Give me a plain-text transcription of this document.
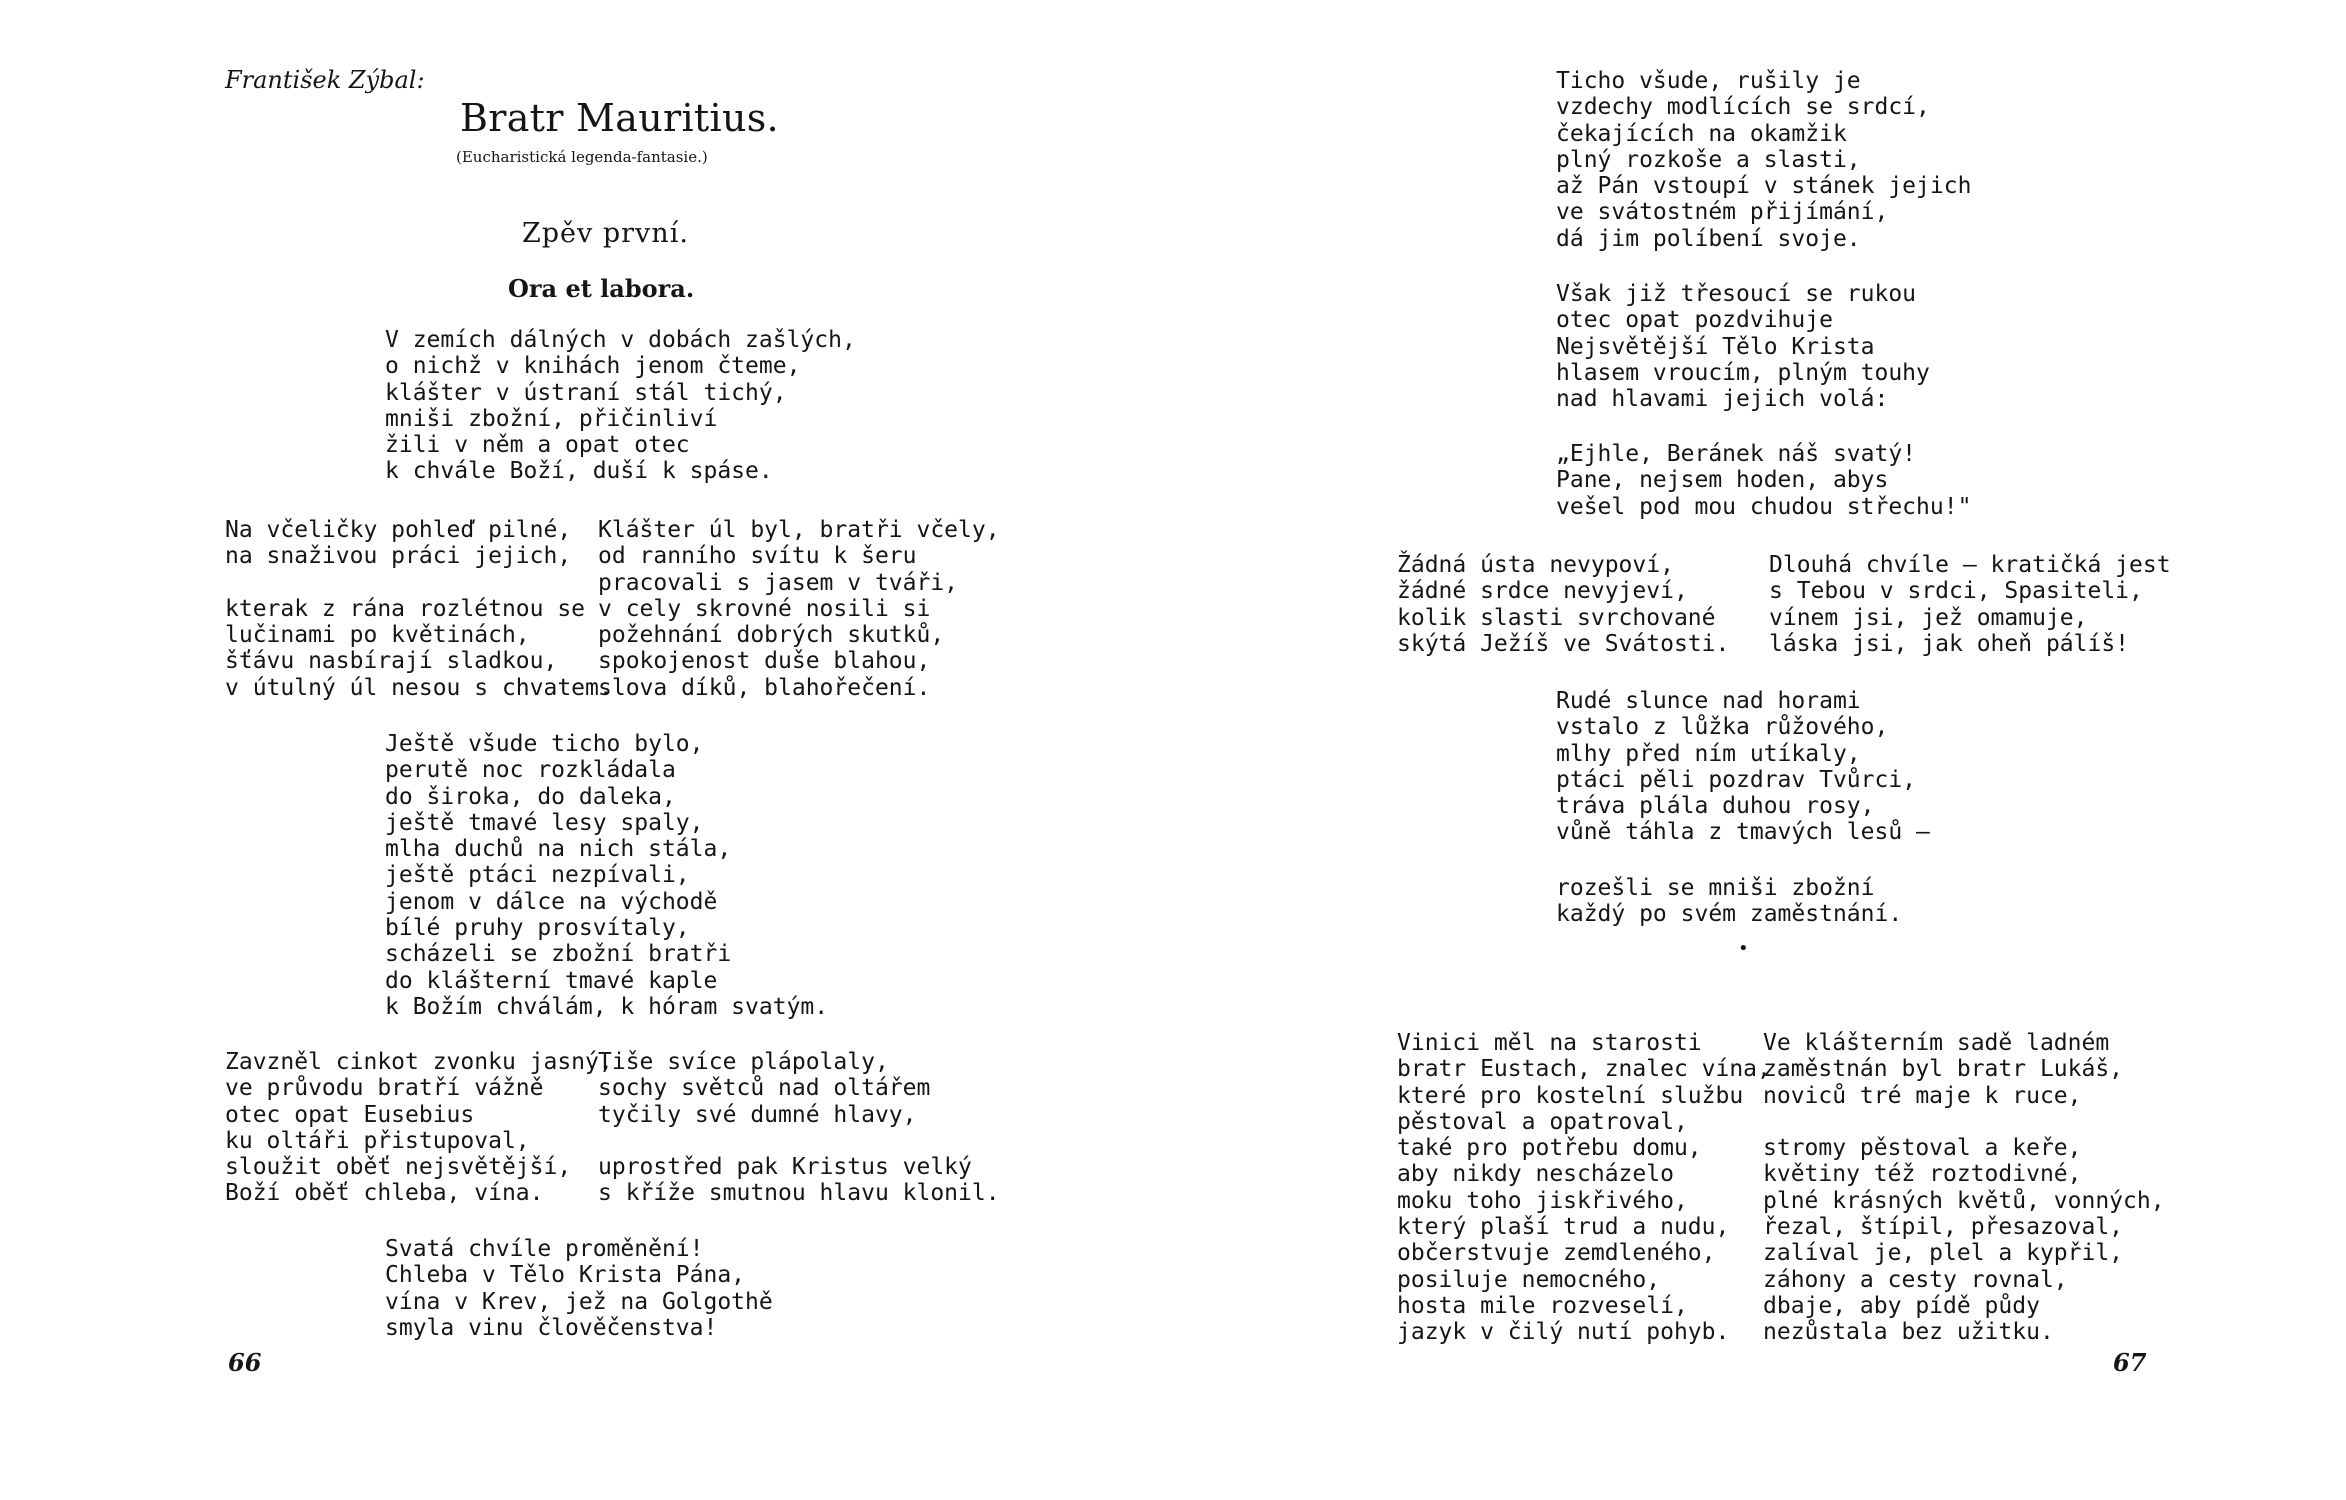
František Zýbal:
Bratr Mauritius.
(Eucharistická legenda-fantasie.)
Zpěv první.
Ora et labora.
V zemích dálných v dobách zašlých,
o nichž v knihách jenom čteme,
klášter v ústraní stál tichý,
mniši zbožní, přičinliví
žili v něm a opat otec
k chvále Boží, duší k spáse.
Na včeličky pohleď pilné,
na snaživou práci jejich,

kterak z rána rozlétnou se
lučinami po květinách,
šťávu nasbírají sladkou,
v útulný úl nesou s chvatem.
Klášter úl byl, bratři včely,
od ranního svítu k šeru
pracovali s jasem v tváři,
v cely skrovné nosili si
požehnání dobrých skutků,
spokojenost duše blahou,
slova díků, blahořečení.
Ještě všude ticho bylo,
perutě noc rozkládala
do široka, do daleka,
ještě tmavé lesy spaly,
mlha duchů na nich stála,
ještě ptáci nezpívali,
jenom v dálce na východě
bílé pruhy prosvítaly,
scházeli se zbožní bratři
do klášterní tmavé kaple
k Božím chválám, k hóram svatým.
Zavzněl cinkot zvonku jasný,
ve průvodu bratří vážně
otec opat Eusebius
ku oltáři přistupoval,
sloužit oběť nejsvětější,
Boží oběť chleba, vína.
Tiše svíce plápolaly,
sochy světců nad oltářem
tyčily své dumné hlavy,

uprostřed pak Kristus velký
s kříže smutnou hlavu klonil.
Svatá chvíle proměnění!
Chleba v Tělo Krista Pána,
vína v Krev, jež na Golgothě
smyla vinu člověčenstva!
66
Ticho všude, rušily je
vzdechy modlících se srdcí,
čekajících na okamžik
plný rozkoše a slasti,
až Pán vstoupí v stánek jejich
ve svátostném přijímání,
dá jim políbení svoje.
Však již třesoucí se rukou
otec opat pozdvihuje
Nejsvětější Tělo Krista
hlasem vroucím, plným touhy
nad hlavami jejich volá:
„Ejhle, Beránek náš svatý!
Pane, nejsem hoden, abys
vešel pod mou chudou střechu!"
Žádná ústa nevypoví,
žádné srdce nevyjeví,
kolik slasti svrchované
skýtá Ježíš ve Svátosti.
Dlouhá chvíle — kratičká jest
s Tebou v srdci, Spasiteli,
vínem jsi, jež omamuje,
láska jsi, jak oheň pálíš!
Rudé slunce nad horami
vstalo z lůžka růžového,
mlhy před ním utíkaly,
ptáci pěli pozdrav Tvůrci,
tráva plála duhou rosy,
vůně táhla z tmavých lesů —
rozešli se mniši zbožní
každý po svém zaměstnání.
•
Vinici měl na starosti
bratr Eustach, znalec vína,
které pro kostelní službu
pěstoval a opatroval,
také pro potřebu domu,
aby nikdy nescházelo
moku toho jiskřivého,
který plaší trud a nudu,
občerstvuje zemdleného,
posiluje nemocného,
hosta mile rozveselí,
jazyk v čilý nutí pohyb.
Ve klášterním sadě ladném
zaměstnán byl bratr Lukáš,
noviců tré maje k ruce,

stromy pěstoval a keře,
květiny též roztodivné,
plné krásných květů, vonných,
řezal, štípil, přesazoval,
zalíval je, plel a kypřil,
záhony a cesty rovnal,
dbaje, aby pídě půdy
nezůstala bez užitku.
67
